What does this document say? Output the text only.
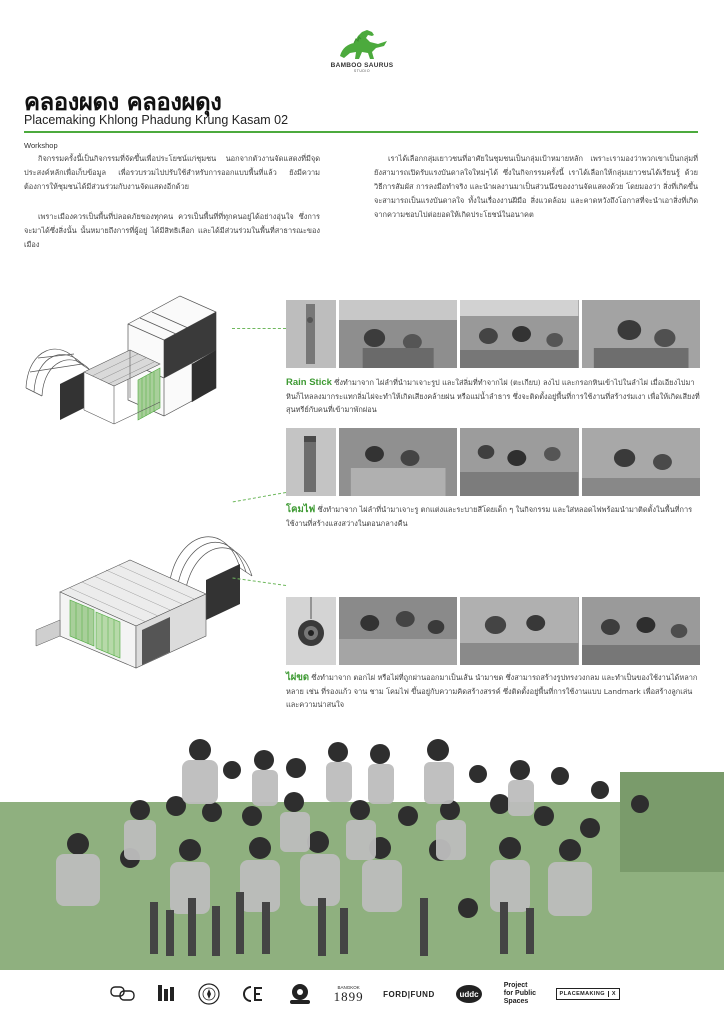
BAMBOO SAURUS
STUDIO
คลองผดง คลองผดุง
Placemaking Khlong Phadung Krung Kasam 02
Workshop
กิจกรรมครั้งนี้เป็นกิจกรรมที่จัดขึ้นเพื่อประโยชน์แก่ชุมชน นอกจากตัวงานจัดแสดงที่มีจุดประสงค์หลักเพื่อเก็บข้อมูล เพื่อรวบรวมไปปรับใช้สำหรับการออกแบบพื้นที่แล้ว ยังมีความต้องการให้ชุมชนได้มีส่วนร่วมกับงานจัดแสดงอีกด้วย
เพราะเมืองควรเป็นพื้นที่ปลอดภัยของทุกคน ควรเป็นพื้นที่ที่ทุกคนอยู่ได้อย่างอุ่นใจ ซึ่งการจะมาได้ซึ่งสิ่งนั้น นั้นหมายถึงการที่ผู้อยู่ ได้มีสิทธิเลือก และได้มีส่วนร่วมในพื้นที่สาธารณะของเมือง
เราได้เลือกกลุ่มเยาวชนที่อาศัยในชุมชนเป็นกลุ่มเป้าหมายหลัก เพราะเรามองว่าพวกเขาเป็นกลุ่มที่ยังสามารถเปิดรับแรงบันดาลใจใหม่ๆได้ ซึ่งในกิจกรรมครั้งนี้ เราได้เลือกให้กลุ่มเยาวชนได้เรียนรู้ ด้วยวิธีการสัมผัส การลงมือทำจริง และนำผลงานมาเป็นส่วนนึงของงานจัดแสดงด้วย โดยมองว่า สิ่งที่เกิดขึ้นจะสามารถเป็นแรงบันดาลใจ ทั้งในเรื่องงานฝีมือ สิ่งแวดล้อม และคาดหวังถึงโอกาสที่จะนำเอาสิ่งที่เกิดจากความชอบไปต่อยอดให้เกิดประโยชน์ในอนาคต
Rain Stick ซึ่งทำมาจาก ไผ่ลำที่นำมาเจาะรูป และใส่ลิ่มที่ทำจากไผ่ (ตะเกียบ) ลงไป และกรอกหินเข้าไปในลำไผ่ เมื่อเอียงไปมา หินก็ไหลลงมากระแทกลิ่มไผ่จะทำให้เกิดเสียงคล้ายฝน หรือแม่น้ำลำธาร ซึ่งจะติดตั้งอยู่พื้นที่การใช้งานที่สร้างร่มเงา เพื่อให้เกิดเสียงที่สุนทรีย์กับคนที่เข้ามาพักผ่อน
โคมไฟ ซึ่งทำมาจาก ไผ่ลำที่นำมาเจาะรู ตกแต่งและระบายสีโดยเด็ก ๆ ในกิจกรรม และใส่หลอดไฟพร้อมนำมาติดตั้งในพื้นที่การใช้งานที่สร้างแสงสว่างในตอนกลางคืน
ไผ่ขด ซึ่งทำมาจาก ตอกไผ่ หรือไผ่ที่ถูกผ่านออกมาเป็นเส้น นำมาขด ซึ่งสามารถสร้างรูปทรงวงกลม และทำเป็นของใช้งานได้หลากหลาย เช่น ที่รองแก้ว จาน ชาม โคมไฟ ขึ้นอยู่กับความคิดสร้างสรรค์ ซึ่งติดตั้งอยู่พื้นที่การใช้งานแบบ Landmark เพื่อสร้างลูกเล่นและความน่าสนใจ
BANGKOK
1899 FORD|FUND	uddc
Project
for Public
Spaces
PLACEMAKING	X
